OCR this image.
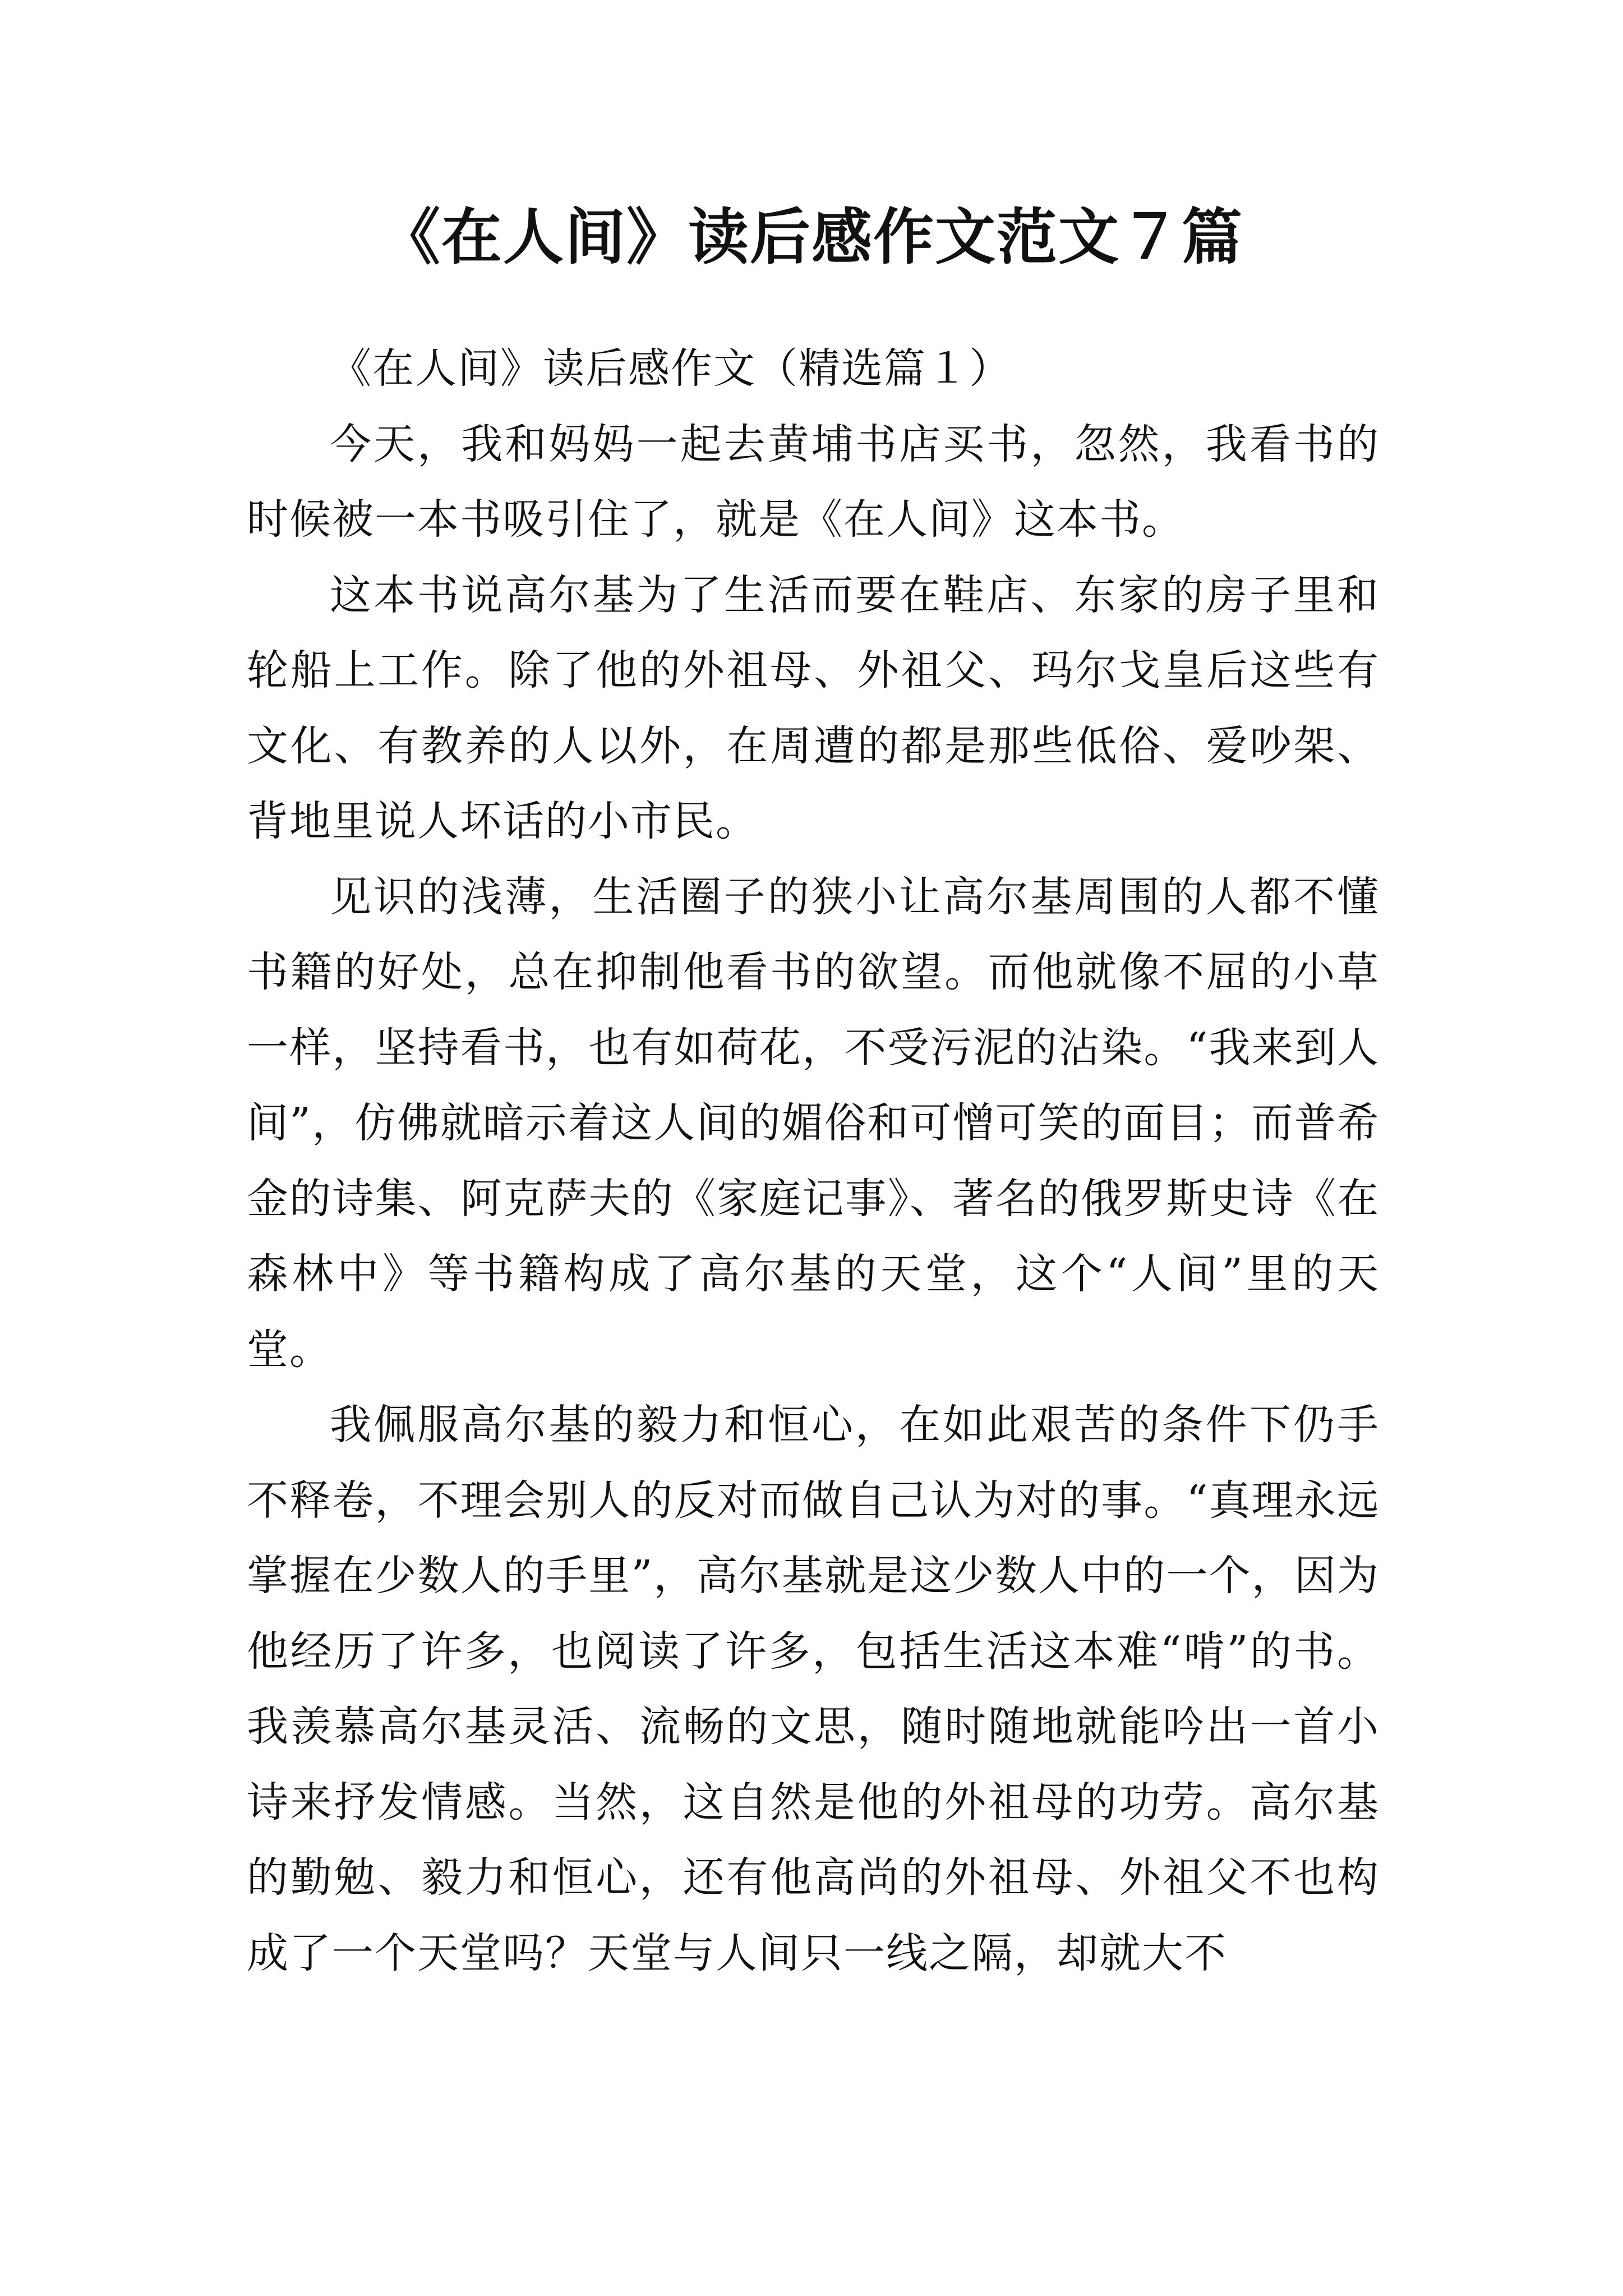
《在人间》读后感作文范文７篇

《在人间》读后感作文（精选篇１）

今天，我和妈妈一起去黄埔书店买书，忽然，我看书的时候被一本书吸引住了，就是《在人间》这本书。

这本书说高尔基为了生活而要在鞋店、东家的房子里和轮船上工作。除了他的外祖母、外祖父、玛尔戈皇后这些有文化、有教养的人以外，在周遭的都是那些低俗、爱吵架、背地里说人坏话的小市民。

见识的浅薄，生活圈子的狭小让高尔基周围的人都不懂书籍的好处，总在抑制他看书的欲望。而他就像不屈的小草一样，坚持看书，也有如荷花，不受污泥的沾染。“我来到人间”，仿佛就暗示着这人间的媚俗和可憎可笑的面目；而普希金的诗集、阿克萨夫的《家庭记事》、著名的俄罗斯史诗《在森林中》等书籍构成了高尔基的天堂，这个“人间”里的天堂。

我佩服高尔基的毅力和恒心，在如此艰苦的条件下仍手不释卷，不理会别人的反对而做自己认为对的事。“真理永远掌握在少数人的手里”，高尔基就是这少数人中的一个，因为他经历了许多，也阅读了许多，包括生活这本难“啃”的书。我羡慕高尔基灵活、流畅的文思，随时随地就能吟出一首小诗来抒发情感。当然，这自然是他的外祖母的功劳。高尔基的勤勉、毅力和恒心，还有他高尚的外祖母、外祖父不也构成了一个天堂吗？天堂与人间只一线之隔，却就大不
